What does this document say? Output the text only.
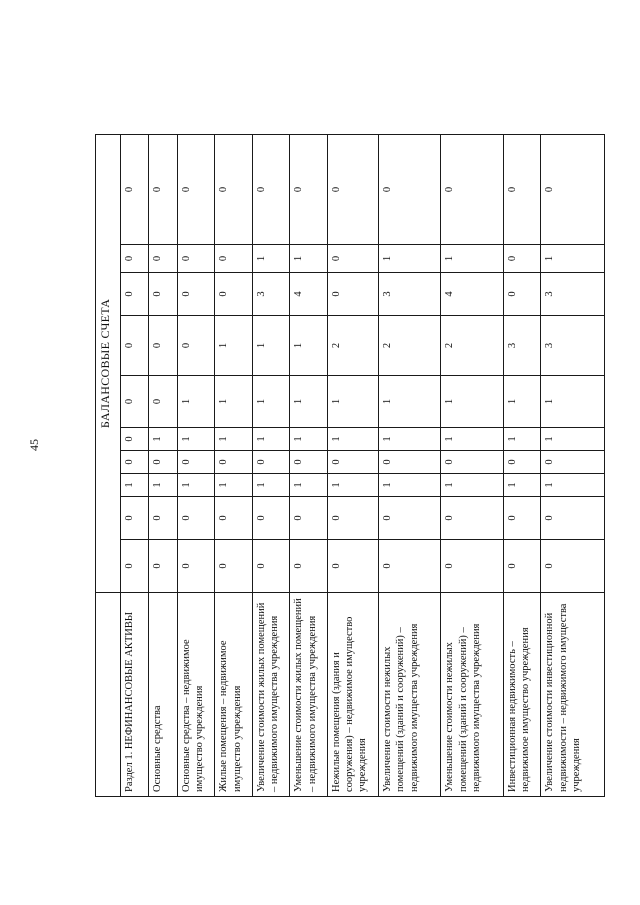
45
	БАЛАНСОВЫЕ СЧЕТА									
Раздел 1. НЕФИНАНСОВЫЕ АКТИВЫ	0	0	1	0	0	0	0	0	0	0
Основные средства	0	0	1	0	1	0	0	0	0	0
Основные средства – недвижимое имущество учреждения	0	0	1	0	1	1	0	0	0	0
Жилые помещения – недвижимое имущество учреждения	0	0	1	0	1	1	1	0	0	0
Увеличение стоимости жилых помещений – недвижимого имущества учреждения	0	0	1	0	1	1	1	3	1	0
Уменьшение стоимости жилых помещений – недвижимого имущества учреждения	0	0	1	0	1	1	1	4	1	0
Нежилые помещения (здания и сооружения) – недвижимое имущество учреждения	0	0	1	0	1	1	2	0	0	0
Увеличение стоимости нежилых помещений (зданий и сооружений) – недвижимого имущества учреждения	0	0	1	0	1	1	2	3	1	0
Уменьшение стоимости нежилых помещений (зданий и сооружений) – недвижимого имущества учреждения	0	0	1	0	1	1	2	4	1	0
Инвестиционная недвижимость – недвижимое имущество учреждения	0	0	1	0	1	1	3	0	0	0
Увеличение стоимости инвестиционной недвижимости – недвижимого имущества учреждения	0	0	1	0	1	1	3	3	1	0
